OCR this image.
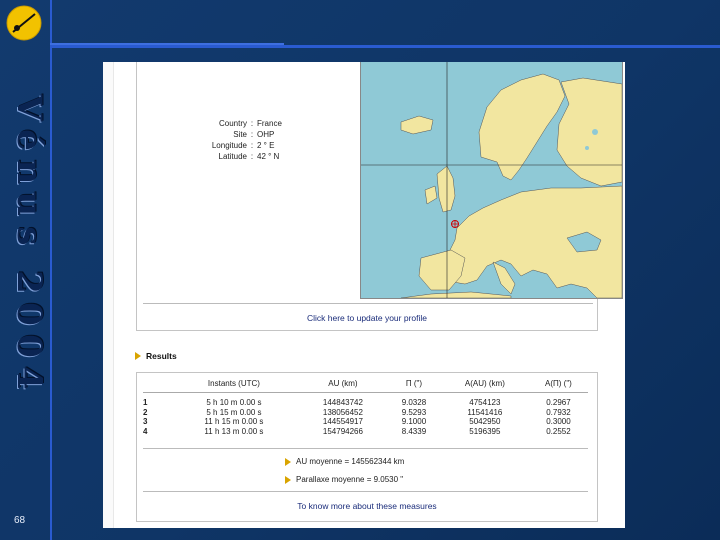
V
é
n
u
s
2
0
0
4
68
Country : France
Site : OHP
Longitude : 2 ° E
Latitude : 42 ° N
Click here to update your profile
Results
	Instants (UTC)	AU (km)	Π (")	A(AU) (km)	A(Π) (")
1	5 h 10 m 0.00 s	144843742	9.0328	4754123	0.2967
2	5 h 15 m 0.00 s	138056452	9.5293	11541416	0.7932
3	11 h 15 m 0.00 s	144554917	9.1000	5042950	0.3000
4	11 h 13 m 0.00 s	154794266	8.4339	5196395	0.2552
AU moyenne = 145562344 km
Parallaxe moyenne = 9.0530 "
To know more about these measures
